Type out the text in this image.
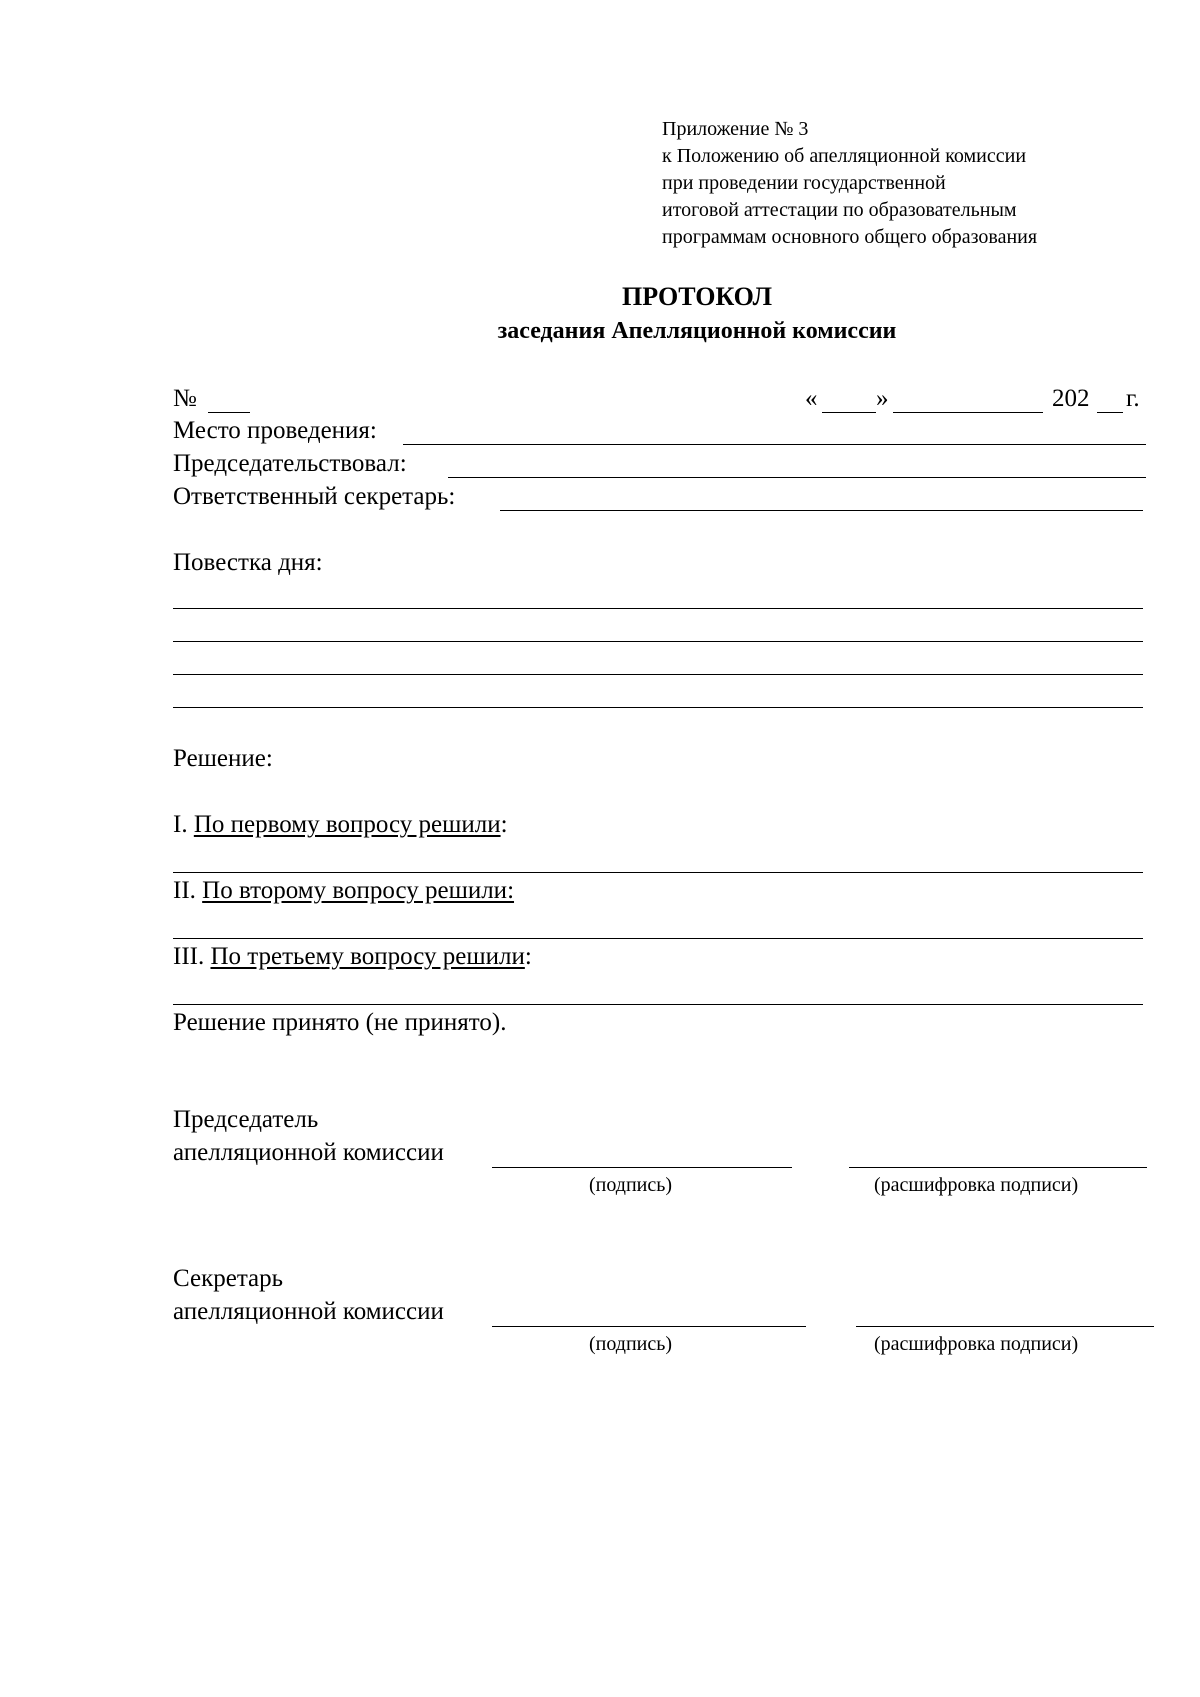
Приложение № 3
к Положению об апелляционной комиссии
при проведении государственной
итоговой аттестации по образовательным
программам основного общего образования
ПРОТОКОЛ
заседания Апелляционной комиссии
№	« »	202 г.
Место проведения:
Председательствовал:
Ответственный секретарь:
Повестка дня:
Решение:
I. По первому вопросу решили:
II. По второму вопросу решили:
III. По третьему вопросу решили:
Решение принято (не принято).
Председатель
апелляционной комиссии
(подпись)	(расшифровка подписи)
Секретарь
апелляционной комиссии
(подпись)	(расшифровка подписи)
